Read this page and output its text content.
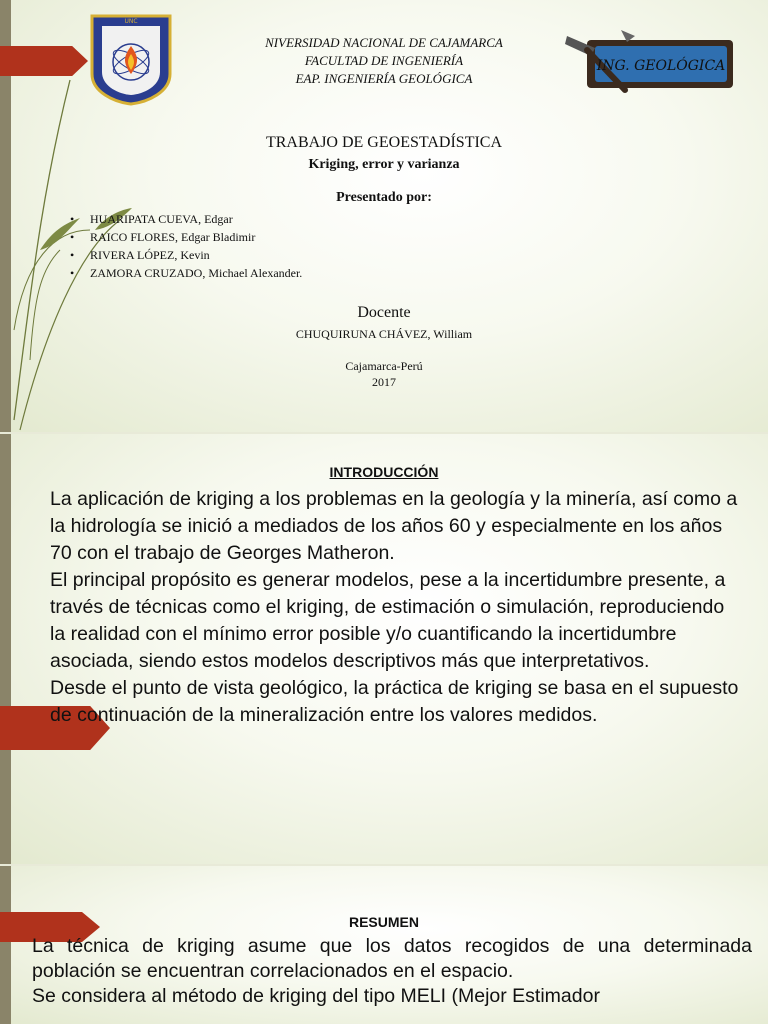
UNC
ING. GEOLÓGICA
NIVERSIDAD NACIONAL DE CAJAMARCA
FACULTAD DE INGENIERÍA
EAP. INGENIERÍA GEOLÓGICA
TRABAJO DE GEOESTADÍSTICA
Kriging, error y varianza
Presentado por:
• HUARIPATA CUEVA, Edgar
• RAICO FLORES, Edgar Bladimir
• RIVERA LÓPEZ, Kevin
• ZAMORA CRUZADO, Michael Alexander.
Docente
CHUQUIRUNA CHÁVEZ, William
Cajamarca-Perú
2017
INTRODUCCIÓN

La aplicación de kriging a los problemas en la geología y la minería, así como a la hidrología se inició a mediados de los años 60 y especialmente en los años 70 con el trabajo de Georges Matheron.

El principal propósito es generar modelos, pese a la incertidumbre presente, a través de técnicas como el kriging, de estimación o simulación, reproduciendo la realidad con el mínimo error posible y/o cuantificando la incertidumbre asociada, siendo estos modelos descriptivos más que interpretativos.

Desde el punto de vista geológico, la práctica de kriging se basa en el supuesto de continuación de la mineralización entre los valores medidos.

RESUMEN
La técnica de kriging asume que los datos recogidos de una determinada población se encuentran correlacionados en el espacio.
Se considera al método de kriging del tipo MELI (Mejor Estimador
